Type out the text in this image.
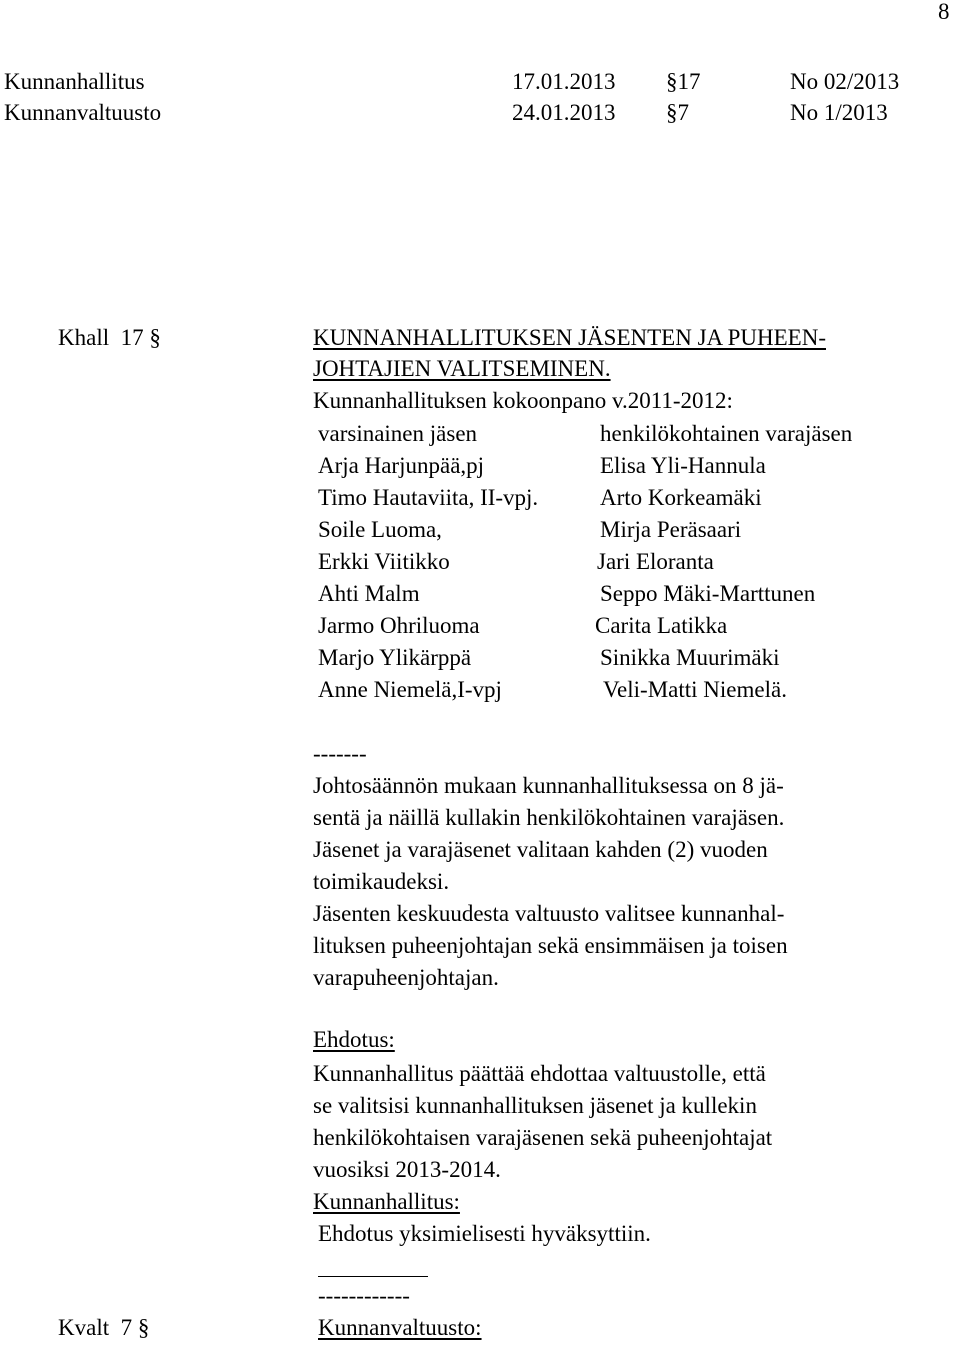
8
Kunnanhallitus	17.01.2013 §17	No 02/2013
Kunnanvaltuusto	24.01.2013 §7	No 1/2013
Khall  17 §	KUNNANHALLITUKSEN JÄSENTEN JA PUHEEN-
JOHTAJIEN VALITSEMINEN.
Kunnanhallituksen kokoonpano v.2011-2012:
varsinainen jäsen	henkilökohtainen varajäsen
Arja Harjunpää,pj	Elisa Yli-Hannula
Timo Hautaviita, II-vpj.	Arto Korkeamäki
Soile Luoma,	Mirja Peräsaari
Erkki Viitikko	Jari Eloranta
Ahti Malm	Seppo Mäki-Marttunen
Jarmo Ohriluoma	Carita Latikka
Marjo Ylikärppä	Sinikka Muurimäki
Anne Niemelä,I-vpj	Veli-Matti Niemelä.
-------
Johtosäännön mukaan kunnanhallituksessa on 8 jä-
sentä ja näillä kullakin henkilökohtainen varajäsen.
Jäsenet ja varajäsenet valitaan kahden (2) vuoden
toimikaudeksi.
Jäsenten keskuudesta valtuusto valitsee kunnanhal-
lituksen puheenjohtajan sekä ensimmäisen ja toisen
varapuheenjohtajan.
Ehdotus:
Kunnanhallitus päättää ehdottaa valtuustolle, että
se valitsisi kunnanhallituksen jäsenet ja kullekin
henkilökohtaisen varajäsenen sekä puheenjohtajat
vuosiksi 2013-2014.
Kunnanhallitus:
Ehdotus yksimielisesti hyväksyttiin.
------------
Kvalt  7 §	Kunnanvaltuusto:
